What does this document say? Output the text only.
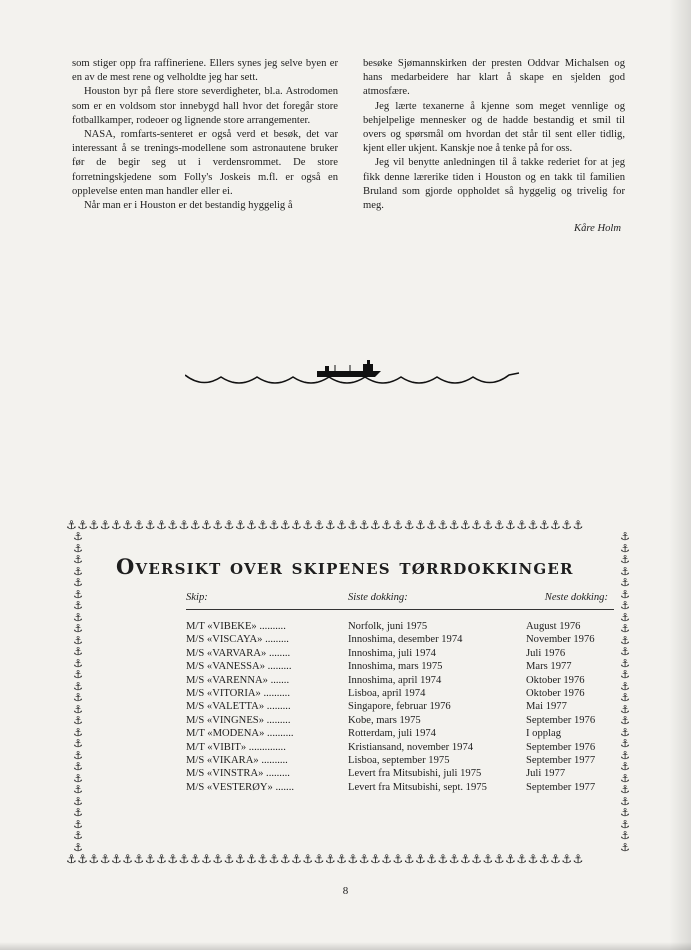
som stiger opp fra raffineriene. Ellers synes jeg selve byen er en av de mest rene og velholdte jeg har sett.

Houston byr på flere store severdigheter, bl.a. Astrodomen som er en voldsom stor innebygd hall hvor det foregår store fotballkamper, rodeoer og lignende store arrangementer.

NASA, romfarts-senteret er også verd et besøk, det var interessant å se trenings-modellene som astronautene bruker før de begir seg ut i verdensrommet. De store forretningskjedene som Folly's Joskeis m.fl. er også en opplevelse enten man handler eller ei.

Når man er i Houston er det bestandig hyggelig å

besøke Sjømannskirken der presten Oddvar Michalsen og hans medarbeidere har klart å skape en sjelden god atmosfære.

Jeg lærte texanerne å kjenne som meget vennlige og behjelpelige mennesker og de hadde bestandig et smil til overs og spørsmål om hvordan det står til sent eller tidlig, kjent eller ukjent. Kanskje noe å tenke på for oss.

Jeg vil benytte anledningen til å takke rederiet for at jeg fikk denne lærerike tiden i Houston og en takk til familien Bruland som gjorde oppholdet så hyggelig og trivelig for meg.

Kåre Holm
⚓⚓⚓⚓⚓⚓⚓⚓⚓⚓⚓⚓⚓⚓⚓⚓⚓⚓⚓⚓⚓⚓⚓⚓⚓⚓⚓⚓⚓⚓⚓⚓⚓⚓⚓⚓⚓⚓⚓⚓⚓⚓⚓⚓⚓⚓
⚓⚓⚓⚓⚓⚓⚓⚓⚓⚓⚓⚓⚓⚓⚓⚓⚓⚓⚓⚓⚓⚓⚓⚓⚓⚓⚓⚓⚓⚓⚓⚓⚓⚓⚓⚓⚓⚓⚓⚓⚓⚓⚓⚓⚓⚓
⚓⚓⚓⚓⚓⚓⚓⚓⚓⚓⚓⚓⚓⚓⚓⚓⚓⚓⚓⚓⚓⚓⚓⚓⚓⚓⚓⚓
⚓⚓⚓⚓⚓⚓⚓⚓⚓⚓⚓⚓⚓⚓⚓⚓⚓⚓⚓⚓⚓⚓⚓⚓⚓⚓⚓⚓
Oversikt over skipenes tørrdokkinger
Skip:	Siste dokking:	Neste dokking:

M/T «VIBEKE» ..........	Norfolk, juni 1975	August 1976
M/S «VISCAYA» .........	Innoshima, desember 1974	November 1976
M/S «VARVARA» ........	Innoshima, juli 1974	Juli 1976
M/S «VANESSA» .........	Innoshima, mars 1975	Mars 1977
M/S «VARENNA» .......	Innoshima, april 1974	Oktober 1976
M/S «VITORIA» ..........	Lisboa, april 1974	Oktober 1976
M/S «VALETTA» .........	Singapore, februar 1976	Mai 1977
M/S «VINGNES» .........	Kobe, mars 1975	September 1976
M/T «MODENA» ..........	Rotterdam, juli 1974	I opplag
M/T «VIBIT» ..............	Kristiansand, november 1974	September 1976
M/S «VIKARA» ..........	Lisboa, september 1975	September 1977
M/S «VINSTRA» .........	Levert fra Mitsubishi, juli 1975	Juli 1977
M/S «VESTERØY» .......	Levert fra Mitsubishi, sept. 1975	September 1977
8
